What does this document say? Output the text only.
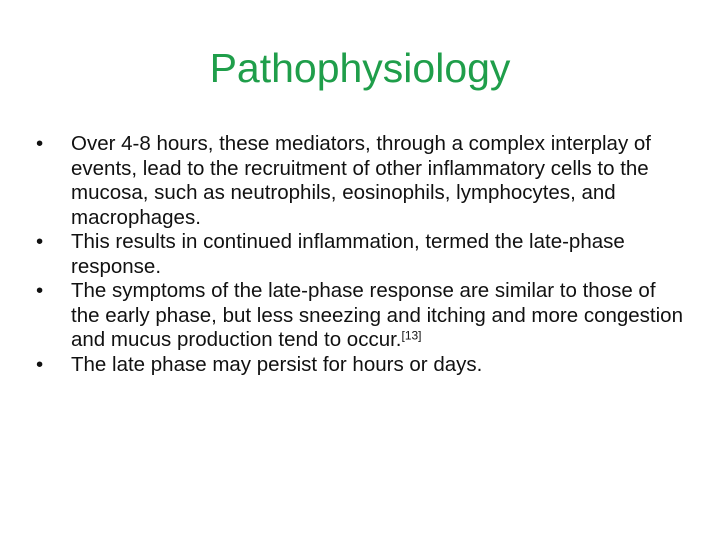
Pathophysiology
•	Over 4-8 hours, these mediators, through a complex interplay of events, lead to the recruitment of other inflammatory cells to the mucosa, such as neutrophils, eosinophils, lymphocytes, and macrophages.
•	This results in continued inflammation, termed the late-phase response.
•	The symptoms of the late-phase response are similar to those of the early phase, but less sneezing and itching and more congestion and mucus production tend to occur.[13]
•	The late phase may persist for hours or days.
